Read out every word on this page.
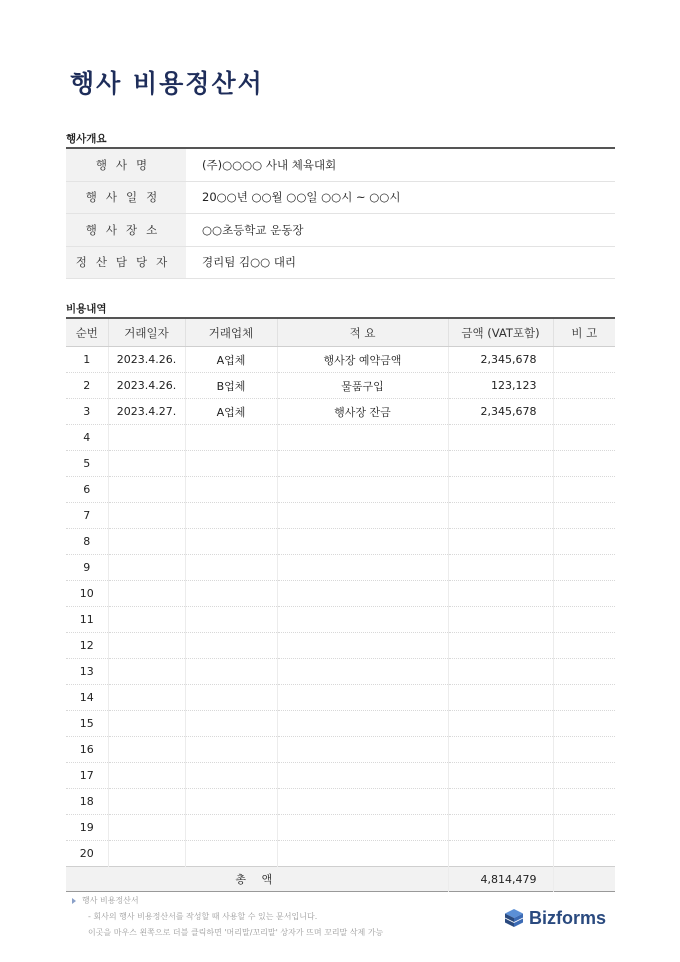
행사 비용정산서
행사개요
행사명	(주)○○○○ 사내 체육대회
행사일정	20○○년 ○○월 ○○일 ○○시 ~ ○○시
행사장소	○○초등학교 운동장
정산담당자	경리팀 김○○ 대리
비용내역
순번	거래일자	거래업체	적 요	금액 (VAT포함)	비 고
1	2023.4.26.	A업체	행사장 예약금액	2,345,678	
2	2023.4.26.	B업체	물품구입	123,123	
3	2023.4.27.	A업체	행사장 잔금	2,345,678	
4					
5					
6					
7					
8					
9					
10					
11					
12					
13					
14					
15					
16					
17					
18					
19					
20					
총 액				4,814,479	
행사 비용정산서
- 회사의 행사 비용정산서를 작성할 때 사용할 수 있는 문서입니다.
이곳을 마우스 왼쪽으로 더블 클릭하면 '머리말/꼬리말' 상자가 뜨며 꼬리말 삭제 가능
Bizforms
